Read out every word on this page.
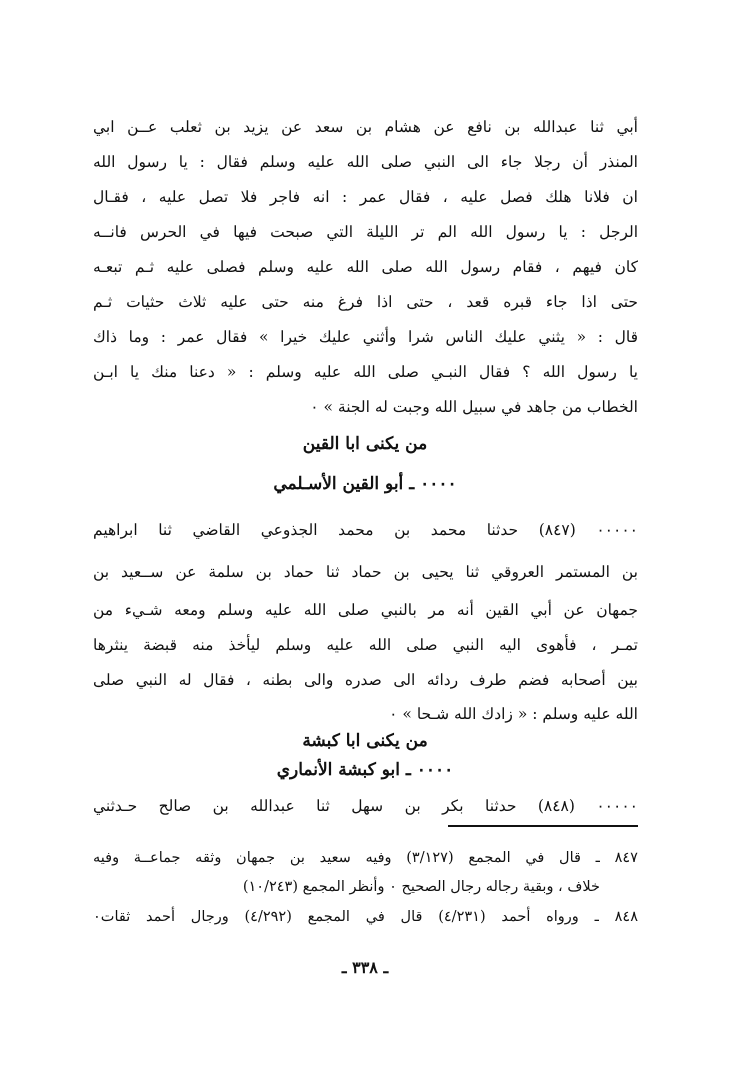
أبي ثنا عبدالله بن نافع عن هشام بن سعد عن يزيد بن ثعلب عــن ابي
المنذر أن رجلا جاء الى النبي صلى الله عليه وسلم فقال : يا رسول الله
ان فلانا هلك فصل عليه ، فقال عمر : انه فاجر فلا تصل عليه ، فقـال
الرجل : يا رسول الله الم تر الليلة التي صبحت فيها في الحرس فانــه
كان فيهم ، فقام رسول الله صلى الله عليه وسلم فصلى عليه ثـم تبعـه
حتى اذا جاء قبره قعد ، حتى اذا فرغ منه حتى عليه ثلاث حثيات ثـم
قال : « يثني عليك الناس شرا وأثني عليك خيرا » فقال عمر : وما ذاك
يا رسول الله ؟ فقال النبـي صلى الله عليه وسلم : « دعنا منك يا ابـن
الخطاب من جاهد في سبيل الله وجبت له الجنة » ٠
من يكنى ابا القين
٠٠٠٠ ـ أبو القين الأسـلمي
٠٠٠٠٠ (٨٤٧) حدثنا محمد بن محمد الجذوعي القاضي ثنا ابراهيم
بن المستمر العروقي ثنا يحيى بن حماد ثنا حماد بن سلمة عن ســعيد بن
جمهان عن أبي القين أنه مر بالنبي صلى الله عليه وسلم ومعه شـيء من
تمـر ، فأهوى اليه النبي صلى الله عليه وسلم ليأخذ منه قبضة ينثرها
بين أصحابه فضم طرف ردائه الى صدره والى بطنه ، فقال له النبي صلى
الله عليه وسلم : « زادك الله شـحا » ٠
من يكنى ابا كبشة
٠٠٠٠ ـ ابو كبشة الأنماري
٠٠٠٠٠ (٨٤٨) حدثنا بكر بن سهل ثنا عبدالله بن صالح حـدثني
٨٤٧ ـ قال في المجمع (٣/١٢٧) وفيه سعيد بن جمهان وثقه جماعــة وفيه
خلاف ، وبقية رجاله رجال الصحيح ٠ وأنظر المجمع (١٠/٢٤٣)
٨٤٨ ـ ورواه أحمد (٤/٢٣١) قال في المجمع (٤/٢٩٢) ورجال أحمد ثقات٠
ـ ٣٣٨ ـ
